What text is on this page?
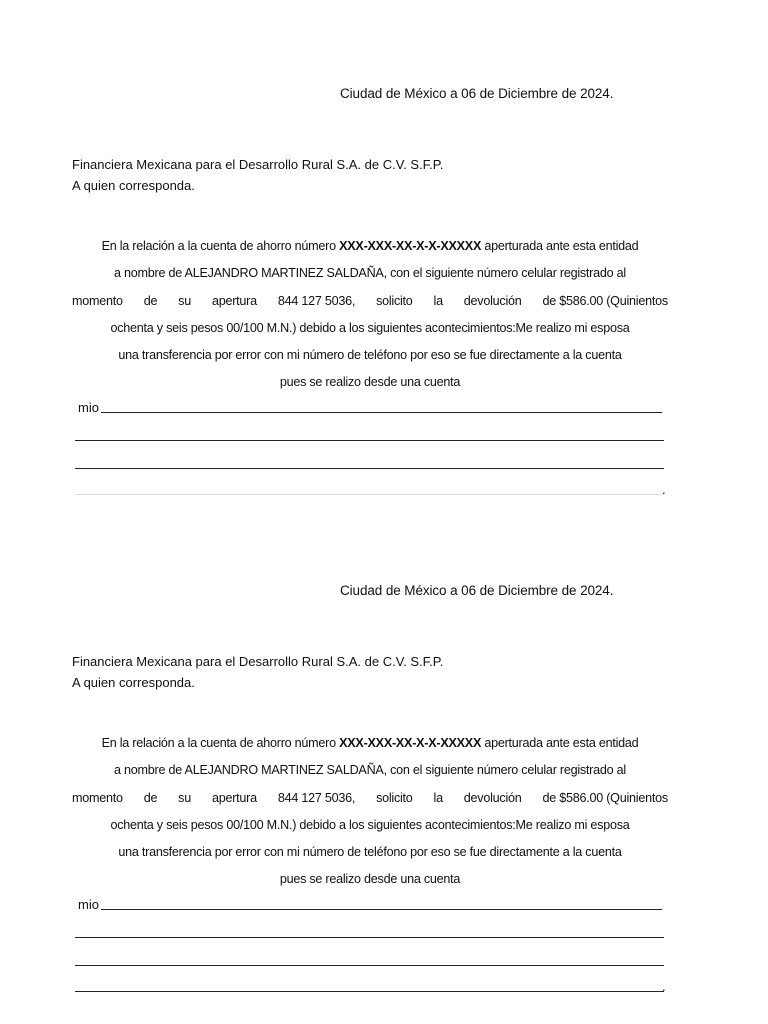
Ciudad de México a 06 de Diciembre de 2024.
Financiera Mexicana para el Desarrollo Rural S.A. de C.V. S.F.P.
A quien corresponda.
En la relación a la cuenta de ahorro número XXX-XXX-XX-X-X-XXXXX aperturada ante esta entidad
a nombre de ALEJANDRO MARTINEZ SALDAÑA, con el siguiente número celular registrado al
momento de su apertura 844 127 5036, solicito la devolución de $586.00 (Quinientos
ochenta y seis pesos 00/100 M.N.) debido a los siguientes acontecimientos:Me realizo mi esposa
una transferencia por error con mi número de teléfono por eso se fue directamente a la cuenta
pues se realizo desde una cuenta
mio
.
Ciudad de México a 06 de Diciembre de 2024.
Financiera Mexicana para el Desarrollo Rural S.A. de C.V. S.F.P.
A quien corresponda.
En la relación a la cuenta de ahorro número XXX-XXX-XX-X-X-XXXXX aperturada ante esta entidad
a nombre de ALEJANDRO MARTINEZ SALDAÑA, con el siguiente número celular registrado al
momento de su apertura 844 127 5036, solicito la devolución de $586.00 (Quinientos
ochenta y seis pesos 00/100 M.N.) debido a los siguientes acontecimientos:Me realizo mi esposa
una transferencia por error con mi número de teléfono por eso se fue directamente a la cuenta
pues se realizo desde una cuenta
mio
.
